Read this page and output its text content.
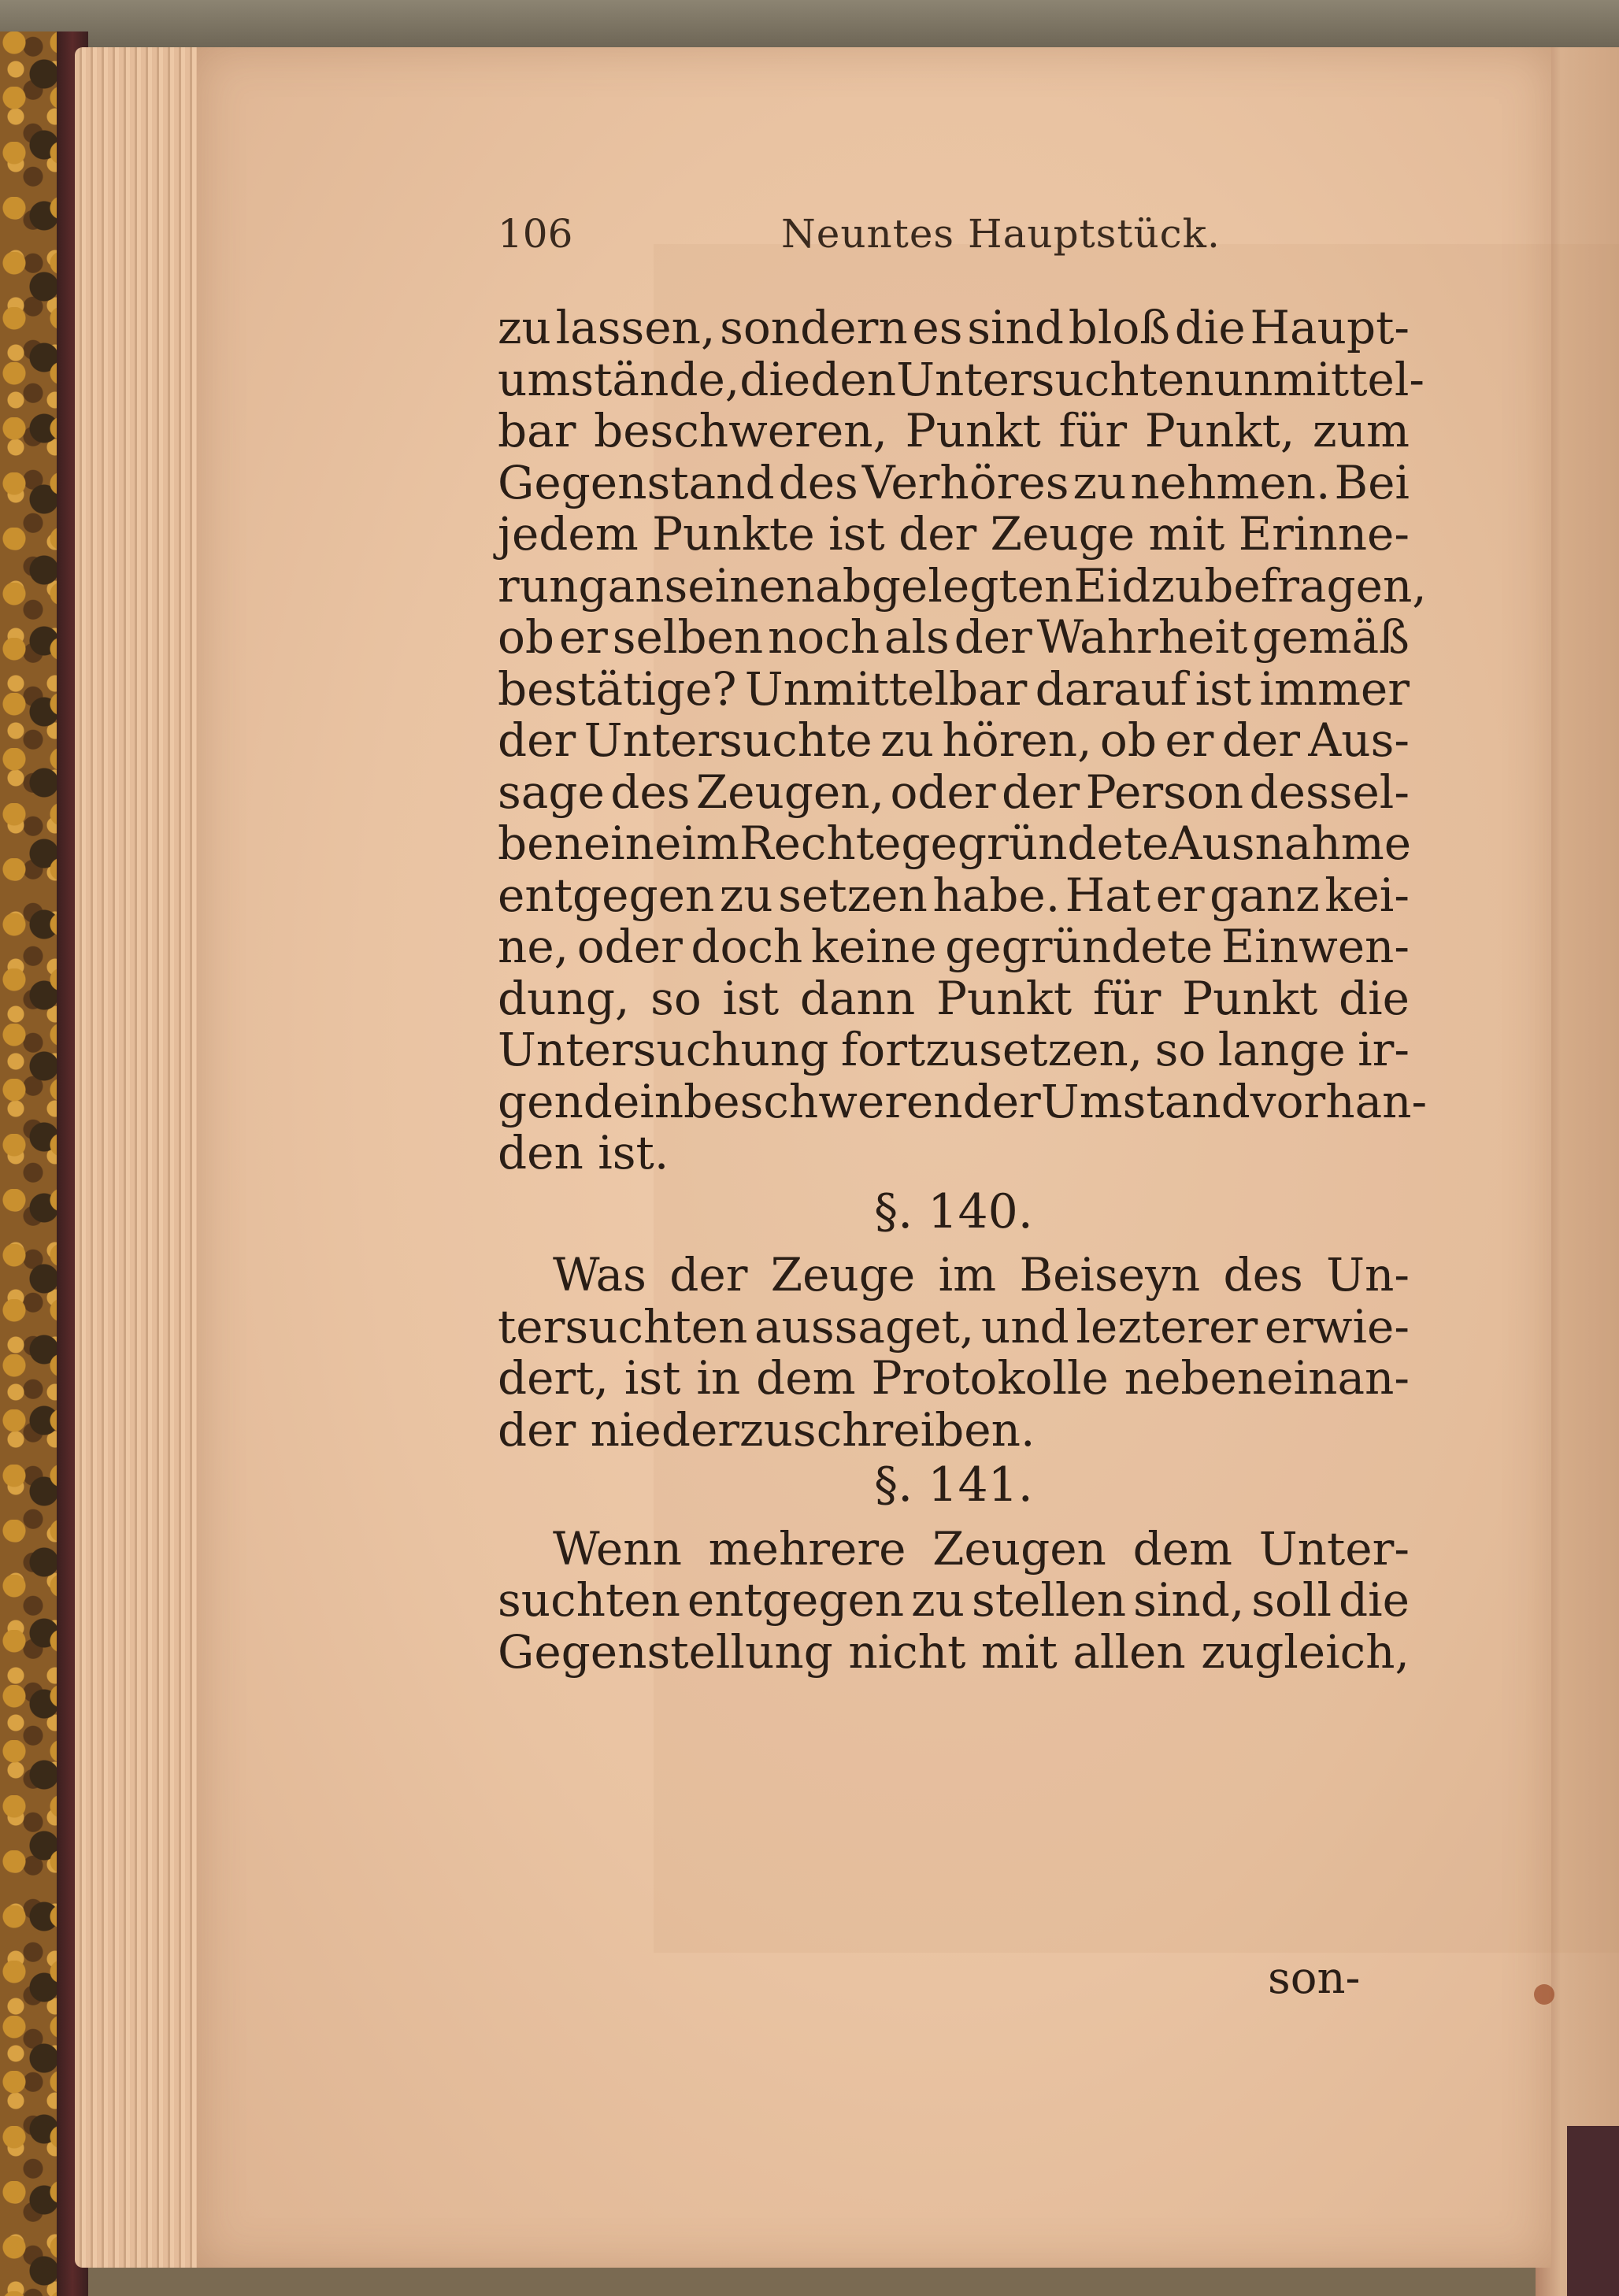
106	Neuntes Hauptstück.
zu lassen, sondern es sind bloß die Haupt-
umstände, die den Untersuchten unmittel-
bar beschweren, Punkt für Punkt, zum
Gegenstand des Verhöres zu nehmen. Bei
jedem Punkte ist der Zeuge mit Erinne-
rung an seinen abgelegten Eid zu befragen,
ob er selben noch als der Wahrheit gemäß
bestätige? Unmittelbar darauf ist immer
der Untersuchte zu hören, ob er der Aus-
sage des Zeugen, oder der Person dessel-
ben eine im Rechte gegründete Ausnahme
entgegen zu setzen habe. Hat er ganz kei-
ne, oder doch keine gegründete Einwen-
dung, so ist dann Punkt für Punkt die
Untersuchung fortzusetzen, so lange ir-
gend ein beschwerender Umstand vorhan-
den ist.
§. 140.
Was der Zeuge im Beiseyn des Un-
tersuchten aussaget, und lezterer erwie-
dert, ist in dem Protokolle nebeneinan-
der niederzuschreiben.
§. 141.
Wenn mehrere Zeugen dem Unter-
suchten entgegen zu stellen sind, soll die
Gegenstellung nicht mit allen zugleich,
son-
